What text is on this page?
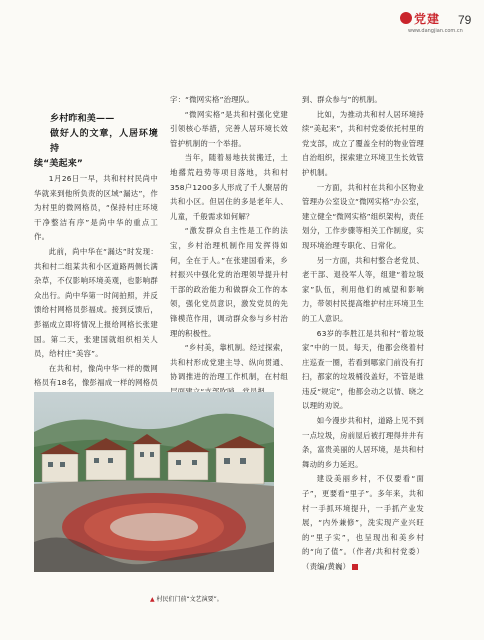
党建
www.dangjian.com.cn
79
乡村昨和美——
做好人的文章，人居环境持
续“美起来”

1月26日一早，共和村村民尚中华就来到他所负责的区域“漏达”，作为村里的微网格员，“保持村庄环境干净整洁有序”是尚中华的重点工作。

此前，尚中华在“漏达”时发现：共和村二组某共和小区道路两侧长满杂草，不仅影响环境美观，也影响群众出行。尚中华第一时间拍照，并反馈给村网格员彭福成。接到反馈后，彭福成立即将情况上报给网格长张建国。第二天，张建国就组织相关人员，给村庄“美容”。

在共和村，像尚中华一样的微网格员有18名，像彭福成一样的网格员

字：“微网实格”治理队。

“微网实格”是共和村强化党建引领核心举措，完善人居环境长效管护机制的一个举措。

当年，随着易地扶贫搬迁，土地撂荒趋势等项目落地，共和村358户1200多人形成了千人聚居的共和小区。但居住的多是老年人、儿童，千般需求如何解？

“激发群众自主性是工作的法宝，乡村治理机制作用发挥得如何，全在于人。”在张建国看来，乡村振兴中强化党的治理领导提升村干部的政治能力和做群众工作的本领，强化党员意识，激发党员的先锋模范作用，调动群众参与乡村治理的积极性。

“乡村美，靠机制。经过探索，共和村形成党建主导、纵向贯通、协调推进的治理工作机制，在村组

到、群众参与”的机制。

比如，为推动共和村人居环境持续“美起来”，共和村党委依托村里的党支部，成立了覆盖全村的物业管理自治组织，探索建立环境卫生长效管护机制。

一方面，共和村在共和小区物业管理办公室设立“微网实格”办公室，建立健全“微网实格”组织架构，责任划分，工作步骤等相关工作制度，实现环境治理专职化、日常化。

另一方面，共和村整合老党员、老干部、退役军人等，组建“着垃圾家”队伍，利用他们的威望和影响力，带领村民提高维护村庄环境卫生的工人意识。

63岁的李胜江是共和村“着垃圾家”中的一员。每天，他都会绕着村庄巡查一圈，若看到哪家门前没有打扫，都家的垃圾桶没盖好，不管是谁违反“规定”，他都会动之以情、晓之以理的劝说。

如今漫步共和村，道路上见不到一点垃圾，房前屋后被打理得井井有条，富贵美丽的人居环境，是共和村舞动的乡力延迟。

建设美丽乡村，不仅要看“面子”，更要看“里子”。多年来，共和村一手抓环境提升，一手抓产业发展，“内外兼修”，洗实现产业兴旺的“里子实”，也呈现出和美乡村的“向了值”。（作者/共和村党委）（责编/黄巍）

▲ 村民们门前“文艺演要”。
